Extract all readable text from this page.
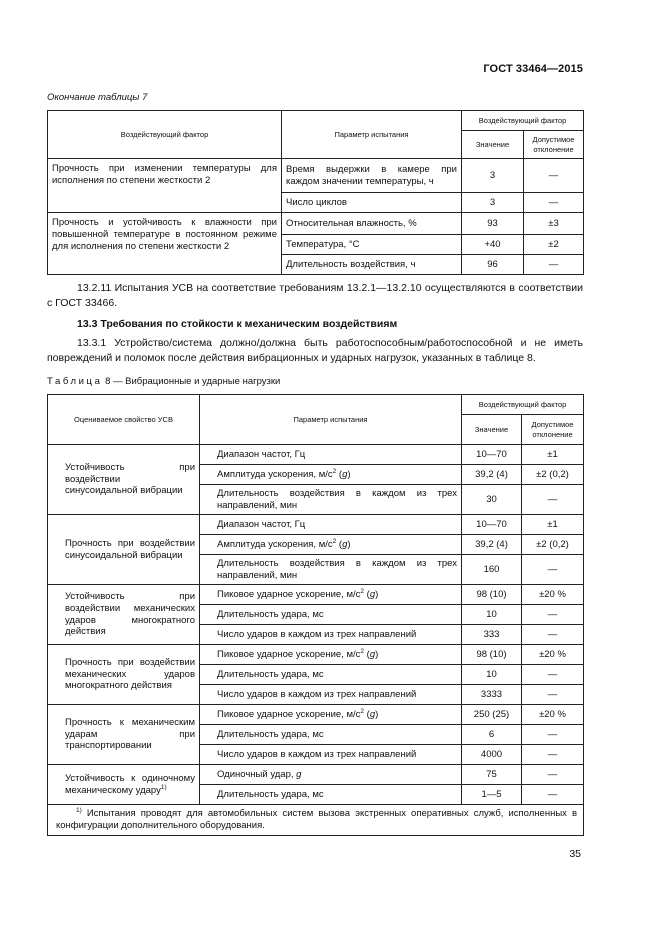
ГОСТ 33464—2015
Окончание таблицы 7
Воздействующий фактор	Параметр испытания	Воздействующий фактор	
		Значение	Допустимое отклонение
Прочность при изменении температуры для исполнения по степени жесткости 2	Время выдержки в камере при каждом значении температуры, ч	3	—
	Число циклов	3	—
Прочность и устойчивость к влажности при повышенной температуре в постоянном режиме для исполнения по степени жесткости 2	Относительная влажность, %	93	±3
	Температура, °С	+40	±2
	Длительность воздействия, ч	96	—
13.2.11 Испытания УСВ на соответствие требованиям 13.2.1—13.2.10 осуществляются в соответствии с ГОСТ 33466.
13.3 Требования по стойкости к механическим воздействиям
13.3.1 Устройство/система должно/должна быть работоспособным/работоспособной и не иметь повреждений и поломок после действия вибрационных и ударных нагрузок, указанных в таблице 8.
Таблица 8 — Вибрационные и ударные нагрузки
Оцениваемое свойство УСВ	Параметр испытания	Воздействующий фактор	
		Значение	Допустимое отклонение
Устойчивость при воздействии синусоидальной вибрации	Диапазон частот, Гц	10—70	±1
	Амплитуда ускорения, $м/с^2$ (g)	39,2 (4)	±2 (0,2)
	Длительность воздействия в каждом из трех направлений, мин	30	—
Прочность при воздействии синусоидальной вибрации	Диапазон частот, Гц	10—70	±1
	Амплитуда ускорения, $м/с^2$ (g)	39,2 (4)	±2 (0,2)
	Длительность воздействия в каждом из трех направлений, мин	160	—
Устойчивость при воздействии механических ударов многократного действия	Пиковое ударное ускорение, $м/с^2$ (g)	98 (10)	±20 %
	Длительность удара, мс	10	—
	Число ударов в каждом из трех направлений	333	—
Прочность при воздействии механических ударов многократного действия	Пиковое ударное ускорение, $м/с^2$ (g)	98 (10)	±20 %
	Длительность удара, мс	10	—
	Число ударов в каждом из трех направлений	3333	—
Прочность к механическим ударам при транспортировании	Пиковое ударное ускорение, $м/с^2$ (g)	250 (25)	±20 %
	Длительность удара, мс	6	—
	Число ударов в каждом из трех направлений	4000	—
Устойчивость к одиночному механическому удару$^{1)}$	Одиночный удар, g	75	—
	Длительность удара, мс	1—5	—
$^{1)}$ Испытания проводят для автомобильных систем вызова экстренных оперативных служб, исполненных в конфигурации дополнительного оборудования.			
35
